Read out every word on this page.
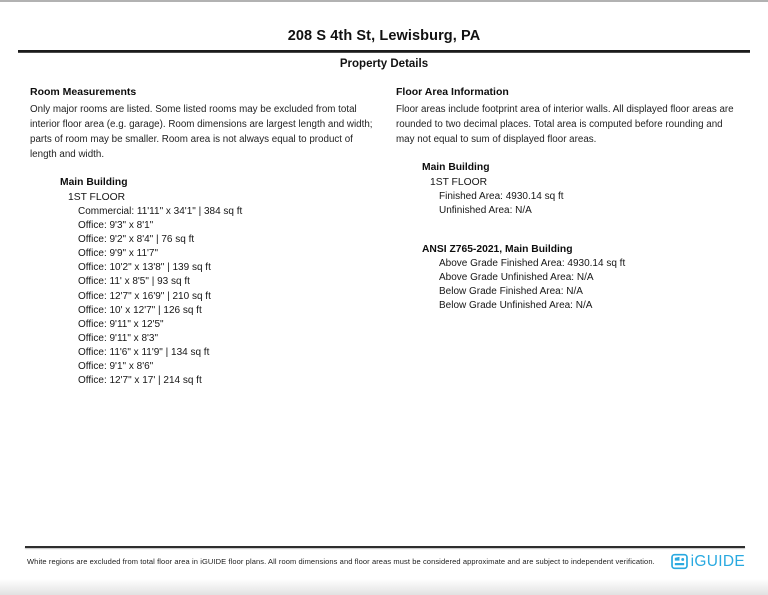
208 S 4th St, Lewisburg, PA
Property Details
Room Measurements
Only major rooms are listed. Some listed rooms may be excluded from total interior floor area (e.g. garage). Room dimensions are largest length and width; parts of room may be smaller. Room area is not always equal to product of length and width.
Main Building
1ST FLOOR
Commercial: 11'11" x 34'1" | 384 sq ft
Office: 9'3" x 8'1"
Office: 9'2" x 8'4" | 76 sq ft
Office: 9'9" x 11'7"
Office: 10'2" x 13'8" | 139 sq ft
Office: 11' x 8'5" | 93 sq ft
Office: 12'7" x 16'9" | 210 sq ft
Office: 10' x 12'7" | 126 sq ft
Office: 9'11" x 12'5"
Office: 9'11" x 8'3"
Office: 11'6" x 11'9" | 134 sq ft
Office: 9'1" x 8'6"
Office: 12'7" x 17' | 214 sq ft
Floor Area Information
Floor areas include footprint area of interior walls. All displayed floor areas are rounded to two decimal places. Total area is computed before rounding and may not equal to sum of displayed floor areas.
Main Building
1ST FLOOR
Finished Area: 4930.14 sq ft
Unfinished Area: N/A
ANSI Z765-2021, Main Building
Above Grade Finished Area: 4930.14 sq ft
Above Grade Unfinished Area: N/A
Below Grade Finished Area: N/A
Below Grade Unfinished Area: N/A
White regions are excluded from total floor area in iGUIDE floor plans. All room dimensions and floor areas must be considered approximate and are subject to independent verification. iGUIDE
